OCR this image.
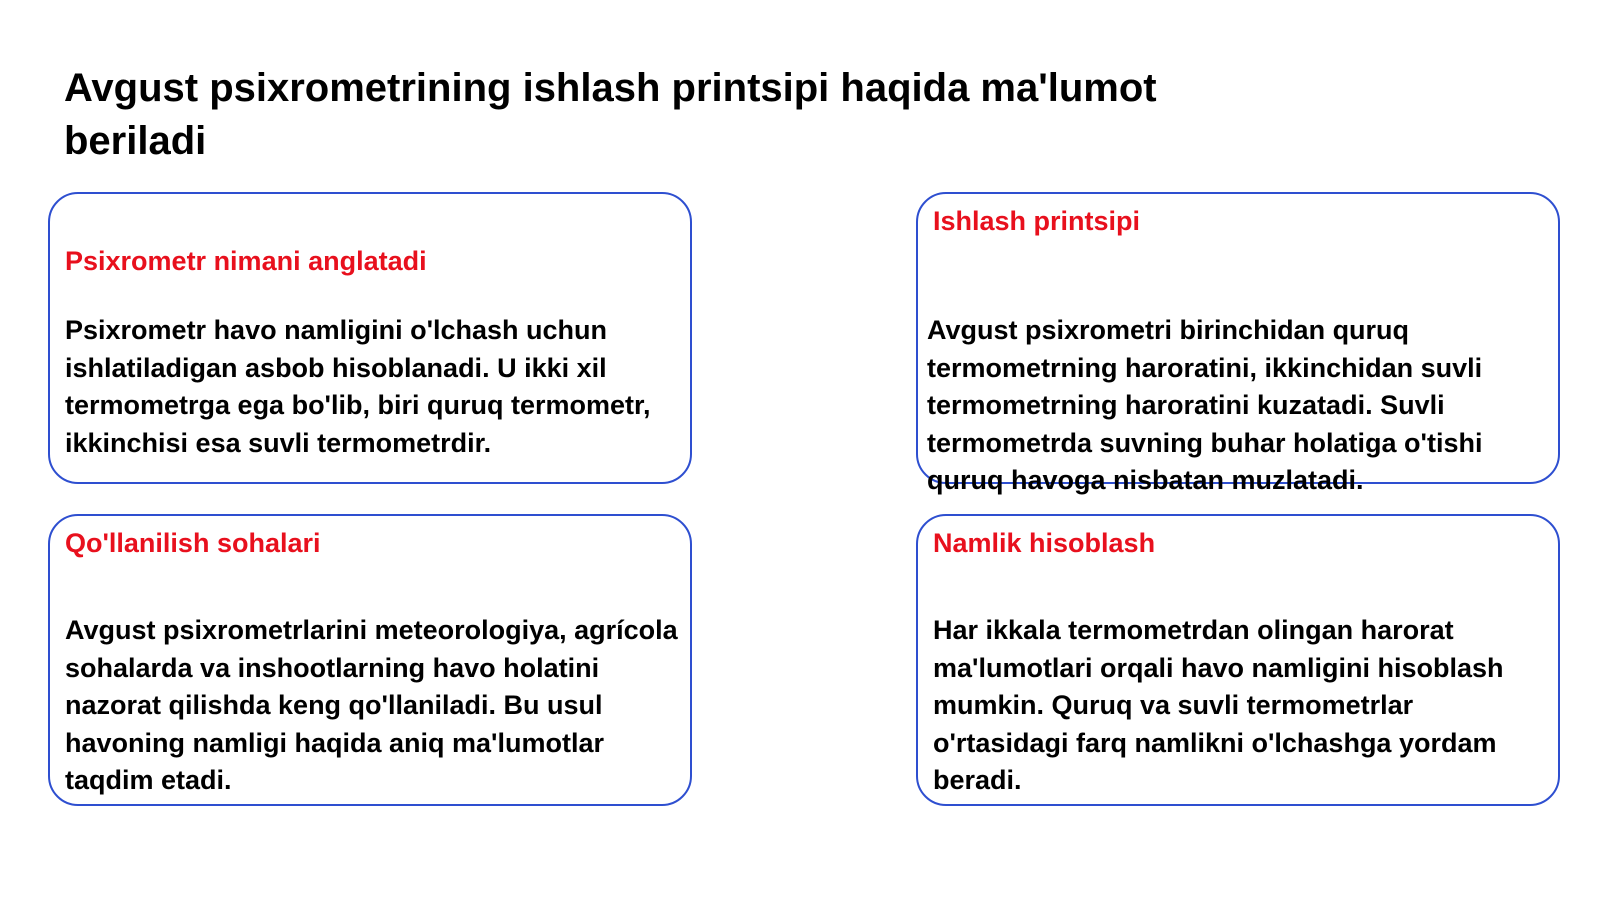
Avgust psixrometrining ishlash printsipi haqida ma'lumot beriladi
Psixrometr nimani anglatadi

Psixrometr havo namligini o'lchash uchun ishlatiladigan asbob hisoblanadi. U ikki xil termometrga ega bo'lib, biri quruq termometr, ikkinchisi esa suvli termometrdir.

Ishlash printsipi

Avgust psixrometri birinchidan quruq termometrning haroratini, ikkinchidan suvli termometrning haroratini kuzatadi. Suvli termometrda suvning buhar holatiga o'tishi quruq havoga nisbatan muzlatadi.

Qo'llanilish sohalari

Avgust psixrometrlarini meteorologiya, agrícola sohalarda va inshootlarning havo holatini nazorat qilishda keng qo'llaniladi. Bu usul havoning namligi haqida aniq ma'lumotlar taqdim etadi.

Namlik hisoblash

Har ikkala termometrdan olingan harorat ma'lumotlari orqali havo namligini hisoblash mumkin. Quruq va suvli termometrlar o'rtasidagi farq namlikni o'lchashga yordam beradi.
